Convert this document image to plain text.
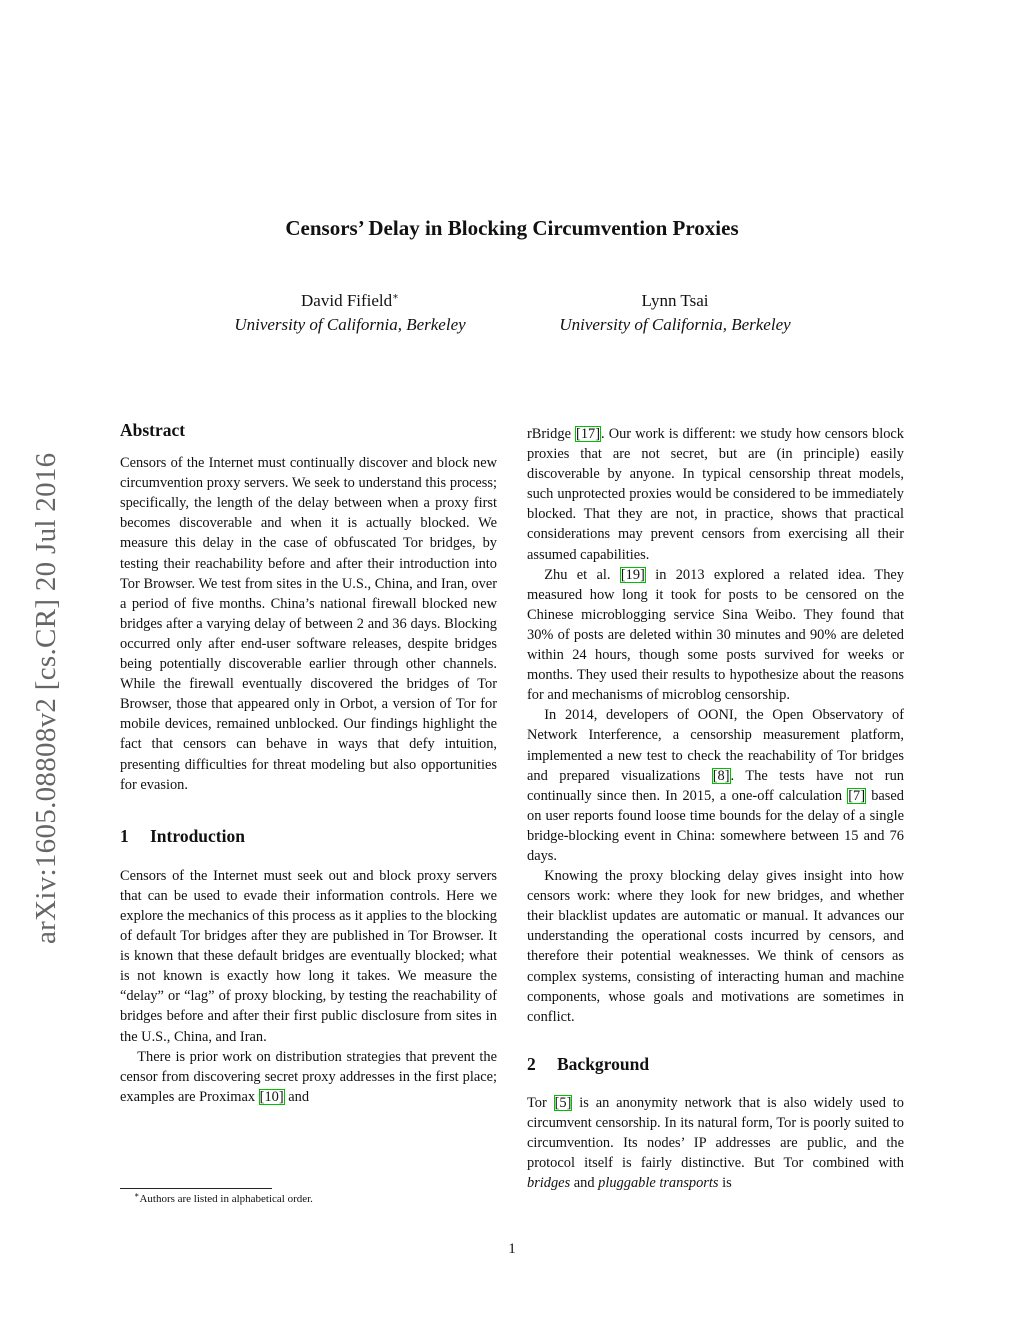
Censors’ Delay in Blocking Circumvention Proxies
David Fifield∗
University of California, Berkeley
Lynn Tsai
University of California, Berkeley
arXiv:1605.08808v2 [cs.CR] 20 Jul 2016
Abstract

Censors of the Internet must continually discover and block new circumvention proxy servers. We seek to understand this process; specifically, the length of the delay between when a proxy first becomes discoverable and when it is actually blocked. We measure this delay in the case of obfuscated Tor bridges, by testing their reachability before and after their introduction into Tor Browser. We test from sites in the U.S., China, and Iran, over a period of five months. China’s national firewall blocked new bridges after a varying delay of between 2 and 36 days. Blocking occurred only after end-user software releases, despite bridges being potentially discoverable earlier through other channels. While the firewall eventually discovered the bridges of Tor Browser, those that appeared only in Orbot, a version of Tor for mobile devices, remained unblocked. Our findings highlight the fact that censors can behave in ways that defy intuition, presenting difficulties for threat modeling but also opportunities for evasion.

1 Introduction

Censors of the Internet must seek out and block proxy servers that can be used to evade their information controls. Here we explore the mechanics of this process as it applies to the blocking of default Tor bridges after they are published in Tor Browser. It is known that these default bridges are eventually blocked; what is not known is exactly how long it takes. We measure the “delay” or “lag” of proxy blocking, by testing the reachability of bridges before and after their first public disclosure from sites in the U.S., China, and Iran.

There is prior work on distribution strategies that prevent the censor from discovering secret proxy addresses in the first place; examples are Proximax [10] and

rBridge [17]. Our work is different: we study how censors block proxies that are not secret, but are (in principle) easily discoverable by anyone. In typical censorship threat models, such unprotected proxies would be considered to be immediately blocked. That they are not, in practice, shows that practical considerations may prevent censors from exercising all their assumed capabilities.

Zhu et al. [19] in 2013 explored a related idea. They measured how long it took for posts to be censored on the Chinese microblogging service Sina Weibo. They found that 30% of posts are deleted within 30 minutes and 90% are deleted within 24 hours, though some posts survived for weeks or months. They used their results to hypothesize about the reasons for and mechanisms of microblog censorship.

In 2014, developers of OONI, the Open Observatory of Network Interference, a censorship measurement platform, implemented a new test to check the reachability of Tor bridges and prepared visualizations [8]. The tests have not run continually since then. In 2015, a one-off calculation [7] based on user reports found loose time bounds for the delay of a single bridge-blocking event in China: somewhere between 15 and 76 days.

Knowing the proxy blocking delay gives insight into how censors work: where they look for new bridges, and whether their blacklist updates are automatic or manual. It advances our understanding the operational costs incurred by censors, and therefore their potential weaknesses. We think of censors as complex systems, consisting of interacting human and machine components, whose goals and motivations are sometimes in conflict.

2 Background

Tor [5] is an anonymity network that is also widely used to circumvent censorship. In its natural form, Tor is poorly suited to circumvention. Its nodes’ IP addresses are public, and the protocol itself is fairly distinctive. But Tor combined with bridges and pluggable transports is

∗Authors are listed in alphabetical order.
1
